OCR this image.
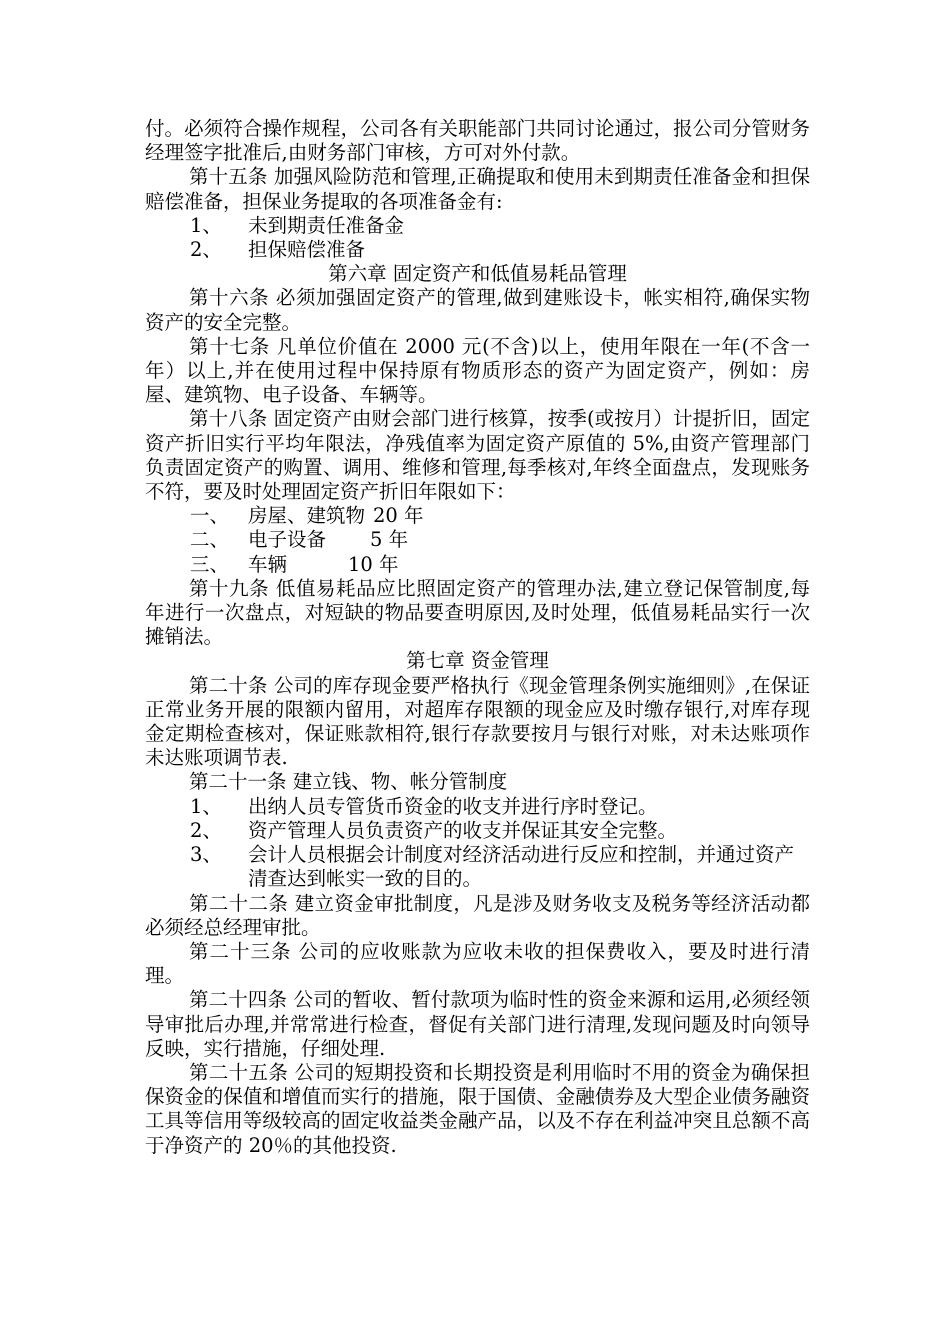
付。必须符合操作规程，公司各有关职能部门共同讨论通过，报公司分管财务经理签字批准后,由财务部门审核，方可对外付款。

第十五条 加强风险防范和管理,正确提取和使用未到期责任准备金和担保赔偿准备，担保业务提取的各项准备金有:

1、	未到期责任准备金
2、	担保赔偿准备

第六章 固定资产和低值易耗品管理

第十六条 必须加强固定资产的管理,做到建账设卡，帐实相符,确保实物资产的安全完整。

第十七条 凡单位价值在 2000 元(不含)以上，使用年限在一年(不含一年）以上,并在使用过程中保持原有物质形态的资产为固定资产，例如：房屋、建筑物、电子设备、车辆等。

第十八条 固定资产由财会部门进行核算，按季(或按月）计提折旧，固定资产折旧实行平均年限法，净残值率为固定资产原值的 5%,由资产管理部门负责固定资产的购置、调用、维修和管理,每季核对,年终全面盘点，发现账务不符，要及时处理固定资产折旧年限如下：

一、 房屋、建筑物 20 年
二、 电子设备	5 年
三、 车辆	10 年

第十九条 低值易耗品应比照固定资产的管理办法,建立登记保管制度,每年进行一次盘点，对短缺的物品要查明原因,及时处理，低值易耗品实行一次摊销法。

第七章 资金管理

第二十条 公司的库存现金要严格执行《现金管理条例实施细则》,在保证正常业务开展的限额内留用，对超库存限额的现金应及时缴存银行,对库存现金定期检查核对，保证账款相符,银行存款要按月与银行对账，对未达账项作未达账项调节表.

第二十一条 建立钱、物、帐分管制度

1、	出纳人员专管货币资金的收支并进行序时登记。
2、	资产管理人员负责资产的收支并保证其安全完整。
3、	会计人员根据会计制度对经济活动进行反应和控制，并通过资产清查达到帐实一致的目的。

第二十二条 建立资金审批制度，凡是涉及财务收支及税务等经济活动都必须经总经理审批。

第二十三条 公司的应收账款为应收未收的担保费收入，要及时进行清理。

第二十四条 公司的暂收、暂付款项为临时性的资金来源和运用,必须经领导审批后办理,并常常进行检查，督促有关部门进行清理,发现问题及时向领导反映，实行措施，仔细处理.

第二十五条 公司的短期投资和长期投资是利用临时不用的资金为确保担保资金的保值和增值而实行的措施，限于国债、金融债券及大型企业债务融资工具等信用等级较高的固定收益类金融产品，以及不存在利益冲突且总额不高于净资产的 20％的其他投资.
